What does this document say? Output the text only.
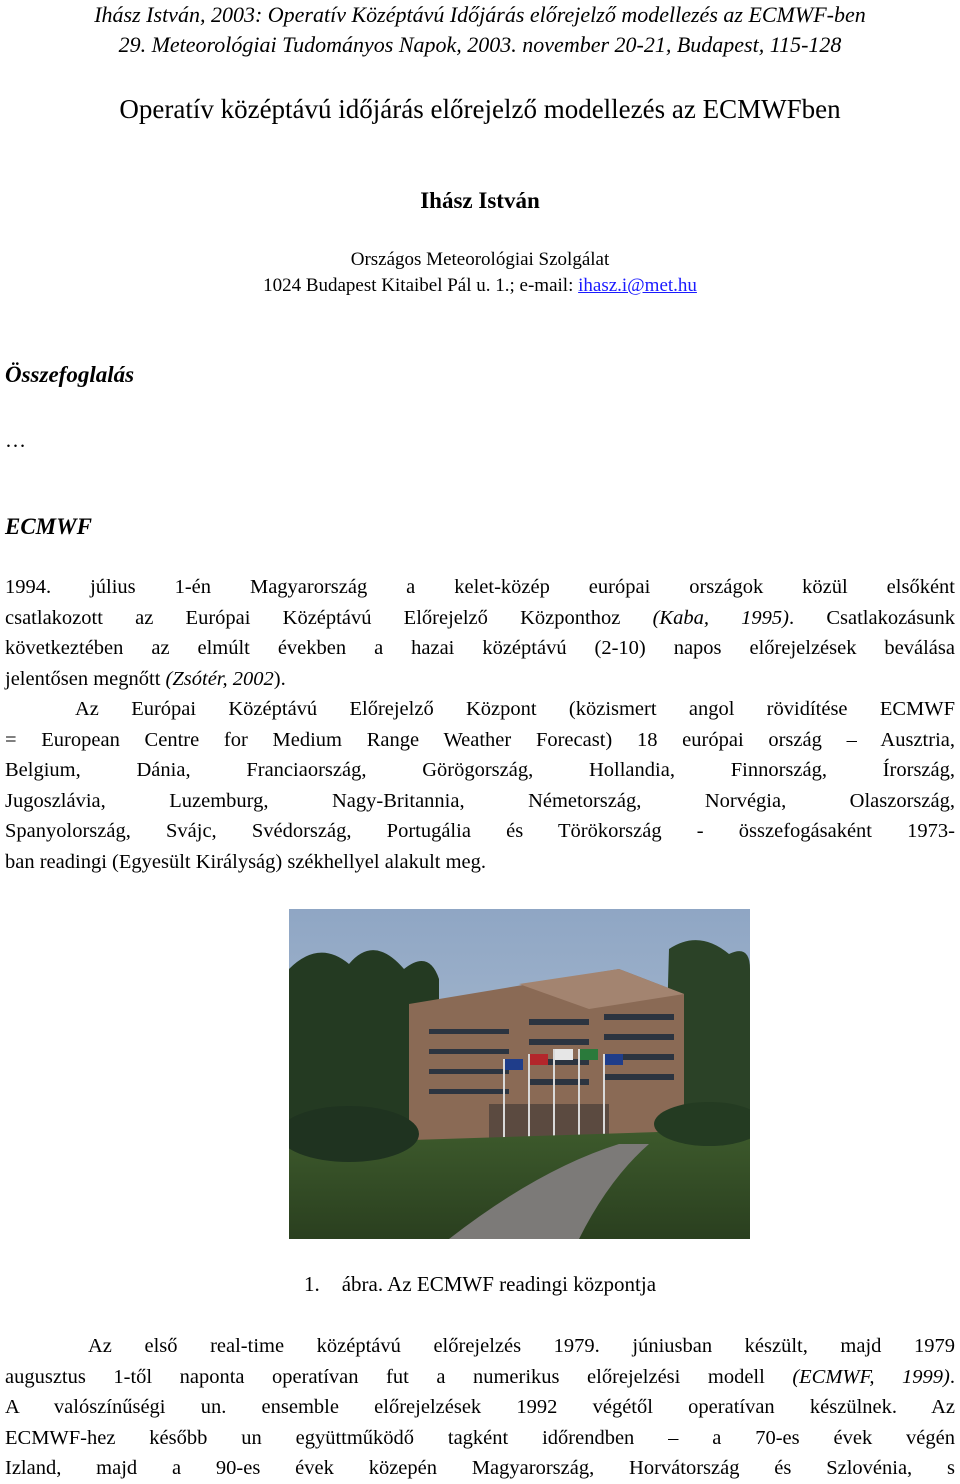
Ihász István, 2003: Operatív Középtávú Időjárás előrejelző modellezés az ECMWF-ben
29. Meteorológiai Tudományos Napok, 2003. november 20-21, Budapest, 115-128
Operatív középtávú időjárás előrejelző modellezés az ECMWFben
Ihász István
Országos Meteorológiai Szolgálat
1024 Budapest Kitaibel Pál u. 1.; e-mail: ihasz.i@met.hu
Összefoglalás
…
ECMWF
1994. július 1-én Magyarország a kelet-közép európai országok közül elsőként
csatlakozott az Európai Középtávú Előrejelző Központhoz (Kaba, 1995). Csatlakozásunk
következtében az elmúlt években a hazai középtávú (2-10) napos előrejelzések beválása
jelentősen megnőtt (Zsótér, 2002).
Az Európai Középtávú Előrejelző Központ (közismert angol rövidítése ECMWF
= European Centre for Medium Range Weather Forecast) 18 európai ország – Ausztria,
Belgium, Dánia, Franciaország, Görögország, Hollandia, Finnország, Írország,
Jugoszlávia, Luzemburg, Nagy-Britannia, Németország, Norvégia, Olaszország,
Spanyolország, Svájc, Svédország, Portugália és Törökország - összefogásaként 1973-
ban readingi (Egyesült Királyság) székhellyel alakult meg.
1. ábra. Az ECMWF readingi központja
Az első real-time középtávú előrejelzés 1979. júniusban készült, majd 1979
augusztus 1-től naponta operatívan fut a numerikus előrejelzési modell (ECMWF, 1999).
A valószínűségi un. ensemble előrejelzések 1992 végétől operatívan készülnek. Az
ECMWF-hez később un együttműködő tagként időrendben – a 70-es évek végén
Izland, majd a 90-es évek közepén Magyarország, Horvátország és Szlovénia, s
